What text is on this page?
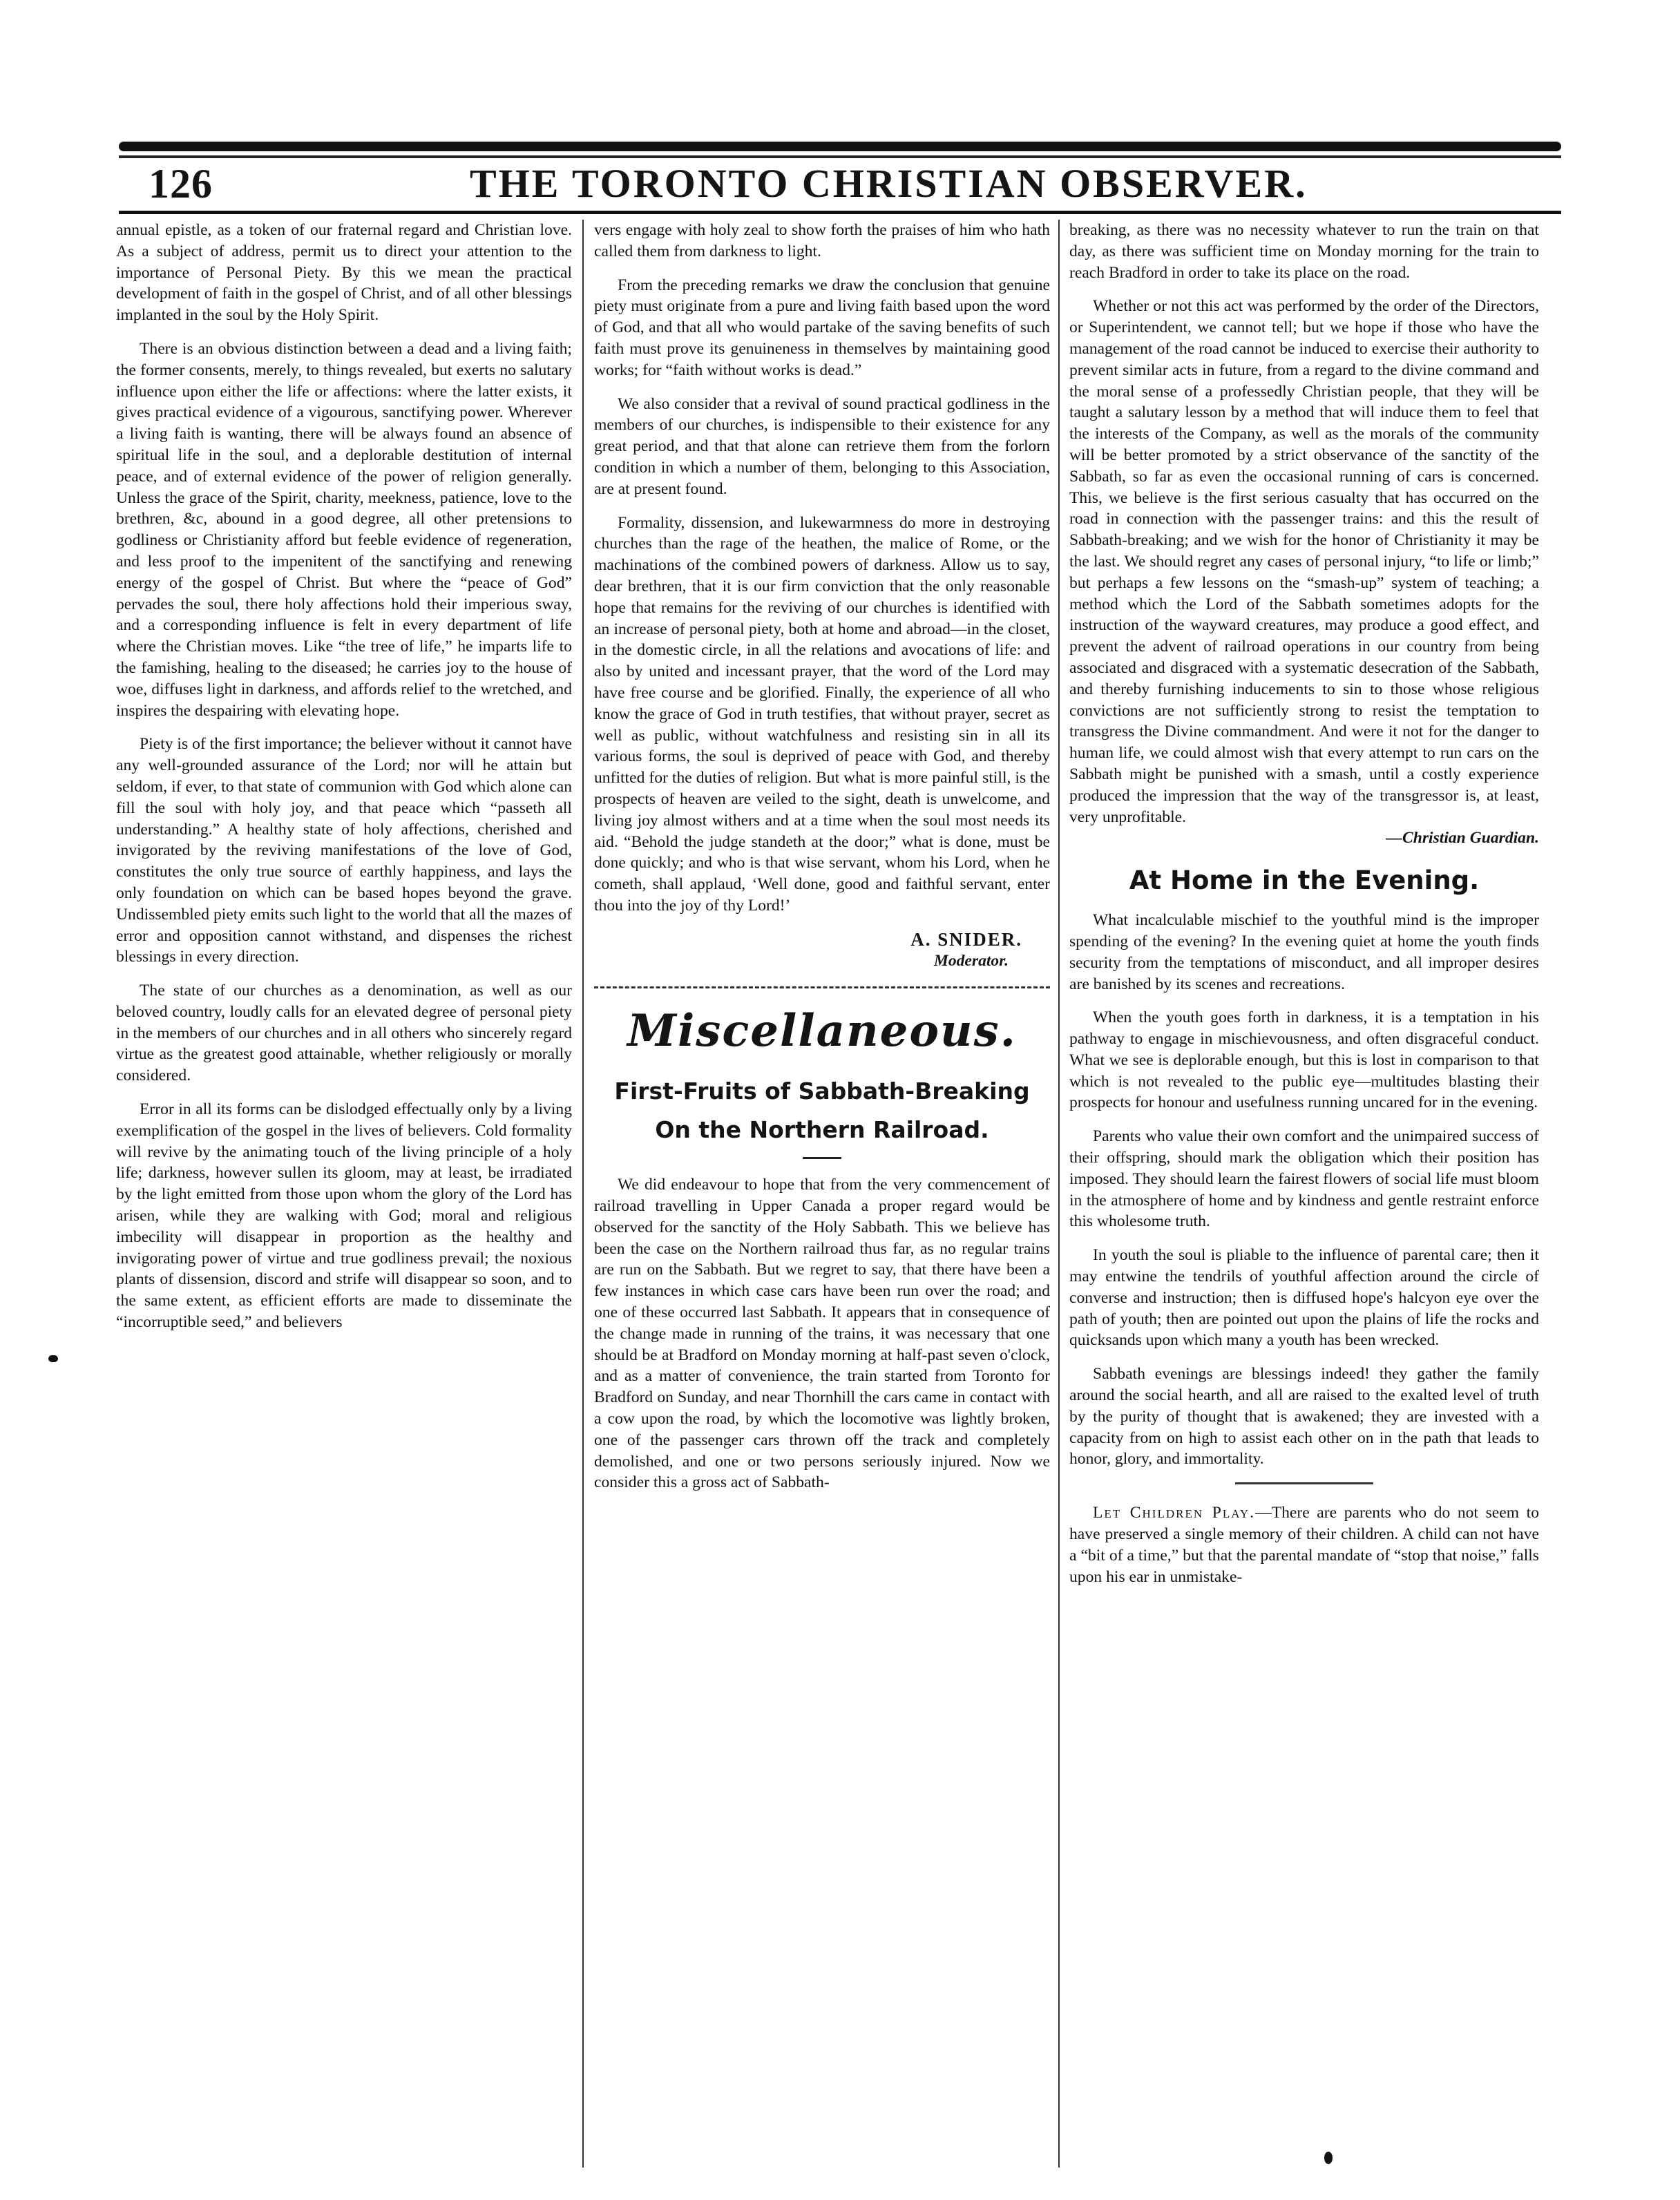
126	THE TORONTO CHRISTIAN OBSERVER.

annual epistle, as a token of our fraternal regard and Christian love. As a subject of address, permit us to direct your attention to the importance of Personal Piety. By this we mean the practical development of faith in the gospel of Christ, and of all other blessings implanted in the soul by the Holy Spirit.

There is an obvious distinction between a dead and a living faith; the former consents, merely, to things revealed, but exerts no salutary influence upon either the life or affections: where the latter exists, it gives practical evidence of a vigourous, sanctifying power. Wherever a living faith is wanting, there will be always found an absence of spiritual life in the soul, and a deplorable destitution of internal peace, and of external evidence of the power of religion generally. Unless the grace of the Spirit, charity, meekness, patience, love to the brethren, &c, abound in a good degree, all other pretensions to godliness or Christianity afford but feeble evidence of regeneration, and less proof to the impenitent of the sanctifying and renewing energy of the gospel of Christ. But where the “peace of God” pervades the soul, there holy affections hold their imperious sway, and a corresponding influence is felt in every department of life where the Christian moves. Like “the tree of life,” he imparts life to the famishing, healing to the diseased; he carries joy to the house of woe, diffuses light in darkness, and affords relief to the wretched, and inspires the despairing with elevating hope.

Piety is of the first importance; the believer without it cannot have any well-grounded assurance of the Lord; nor will he attain but seldom, if ever, to that state of communion with God which alone can fill the soul with holy joy, and that peace which “passeth all understanding.” A healthy state of holy affections, cherished and invigorated by the reviving manifestations of the love of God, constitutes the only true source of earthly happiness, and lays the only foundation on which can be based hopes beyond the grave. Undissembled piety emits such light to the world that all the mazes of error and opposition cannot withstand, and dispenses the richest blessings in every direction.

The state of our churches as a denomination, as well as our beloved country, loudly calls for an elevated degree of personal piety in the members of our churches and in all others who sincerely regard virtue as the greatest good attainable, whether religiously or morally considered.

Error in all its forms can be dislodged effectually only by a living exemplification of the gospel in the lives of believers. Cold formality will revive by the animating touch of the living principle of a holy life; darkness, however sullen its gloom, may at least, be irradiated by the light emitted from those upon whom the glory of the Lord has arisen, while they are walking with God; moral and religious imbecility will disappear in proportion as the healthy and invigorating power of virtue and true godliness prevail; the noxious plants of dissension, discord and strife will disappear so soon, and to the same extent, as efficient efforts are made to disseminate the “incorruptible seed,” and believers

vers engage with holy zeal to show forth the praises of him who hath called them from darkness to light.

From the preceding remarks we draw the conclusion that genuine piety must originate from a pure and living faith based upon the word of God, and that all who would partake of the saving benefits of such faith must prove its genuineness in themselves by maintaining good works; for “faith without works is dead.”

We also consider that a revival of sound practical godliness in the members of our churches, is indispensible to their existence for any great period, and that that alone can retrieve them from the forlorn condition in which a number of them, belonging to this Association, are at present found.

Formality, dissension, and lukewarmness do more in destroying churches than the rage of the heathen, the malice of Rome, or the machinations of the combined powers of darkness. Allow us to say, dear brethren, that it is our firm conviction that the only reasonable hope that remains for the reviving of our churches is identified with an increase of personal piety, both at home and abroad—in the closet, in the domestic circle, in all the relations and avocations of life: and also by united and incessant prayer, that the word of the Lord may have free course and be glorified. Finally, the experience of all who know the grace of God in truth testifies, that without prayer, secret as well as public, without watchfulness and resisting sin in all its various forms, the soul is deprived of peace with God, and thereby unfitted for the duties of religion. But what is more painful still, is the prospects of heaven are veiled to the sight, death is unwelcome, and living joy almost withers and at a time when the soul most needs its aid. “Behold the judge standeth at the door;” what is done, must be done quickly; and who is that wise servant, whom his Lord, when he cometh, shall applaud, ‘Well done, good and faithful servant, enter thou into the joy of thy Lord!’

A. SNIDER.
Moderator.
Miscellaneous.
First-Fruits of Sabbath-Breaking
On the Northern Railroad.

We did endeavour to hope that from the very commencement of railroad travelling in Upper Canada a proper regard would be observed for the sanctity of the Holy Sabbath. This we believe has been the case on the Northern railroad thus far, as no regular trains are run on the Sabbath. But we regret to say, that there have been a few instances in which case cars have been run over the road; and one of these occurred last Sabbath. It appears that in consequence of the change made in running of the trains, it was necessary that one should be at Bradford on Monday morning at half-past seven o'clock, and as a matter of convenience, the train started from Toronto for Bradford on Sunday, and near Thornhill the cars came in contact with a cow upon the road, by which the locomotive was lightly broken, one of the passenger cars thrown off the track and completely demolished, and one or two persons seriously injured. Now we consider this a gross act of Sabbath-

breaking, as there was no necessity whatever to run the train on that day, as there was sufficient time on Monday morning for the train to reach Bradford in order to take its place on the road.

Whether or not this act was performed by the order of the Directors, or Superintendent, we cannot tell; but we hope if those who have the management of the road cannot be induced to exercise their authority to prevent similar acts in future, from a regard to the divine command and the moral sense of a professedly Christian people, that they will be taught a salutary lesson by a method that will induce them to feel that the interests of the Company, as well as the morals of the community will be better promoted by a strict observance of the sanctity of the Sabbath, so far as even the occasional running of cars is concerned. This, we believe is the first serious casualty that has occurred on the road in connection with the passenger trains: and this the result of Sabbath-breaking; and we wish for the honor of Christianity it may be the last. We should regret any cases of personal injury, “to life or limb;” but perhaps a few lessons on the “smash-up” system of teaching; a method which the Lord of the Sabbath sometimes adopts for the instruction of the wayward creatures, may produce a good effect, and prevent the advent of railroad operations in our country from being associated and disgraced with a systematic desecration of the Sabbath, and thereby furnishing inducements to sin to those whose religious convictions are not sufficiently strong to resist the temptation to transgress the Divine commandment. And were it not for the danger to human life, we could almost wish that every attempt to run cars on the Sabbath might be punished with a smash, until a costly experience produced the impression that the way of the transgressor is, at least, very unprofitable.

—Christian Guardian.

At Home in the Evening.

What incalculable mischief to the youthful mind is the improper spending of the evening? In the evening quiet at home the youth finds security from the temptations of misconduct, and all improper desires are banished by its scenes and recreations.

When the youth goes forth in darkness, it is a temptation in his pathway to engage in mischievousness, and often disgraceful conduct. What we see is deplorable enough, but this is lost in comparison to that which is not revealed to the public eye—multitudes blasting their prospects for honour and usefulness running uncared for in the evening.

Parents who value their own comfort and the unimpaired success of their offspring, should mark the obligation which their position has imposed. They should learn the fairest flowers of social life must bloom in the atmosphere of home and by kindness and gentle restraint enforce this wholesome truth.

In youth the soul is pliable to the influence of parental care; then it may entwine the tendrils of youthful affection around the circle of converse and instruction; then is diffused hope's halcyon eye over the path of youth; then are pointed out upon the plains of life the rocks and quicksands upon which many a youth has been wrecked.

Sabbath evenings are blessings indeed! they gather the family around the social hearth, and all are raised to the exalted level of truth by the purity of thought that is awakened; they are invested with a capacity from on high to assist each other on in the path that leads to honor, glory, and immortality.

Let Children Play.—There are parents who do not seem to have preserved a single memory of their children. A child can not have a “bit of a time,” but that the parental mandate of “stop that noise,” falls upon his ear in unmistake-
